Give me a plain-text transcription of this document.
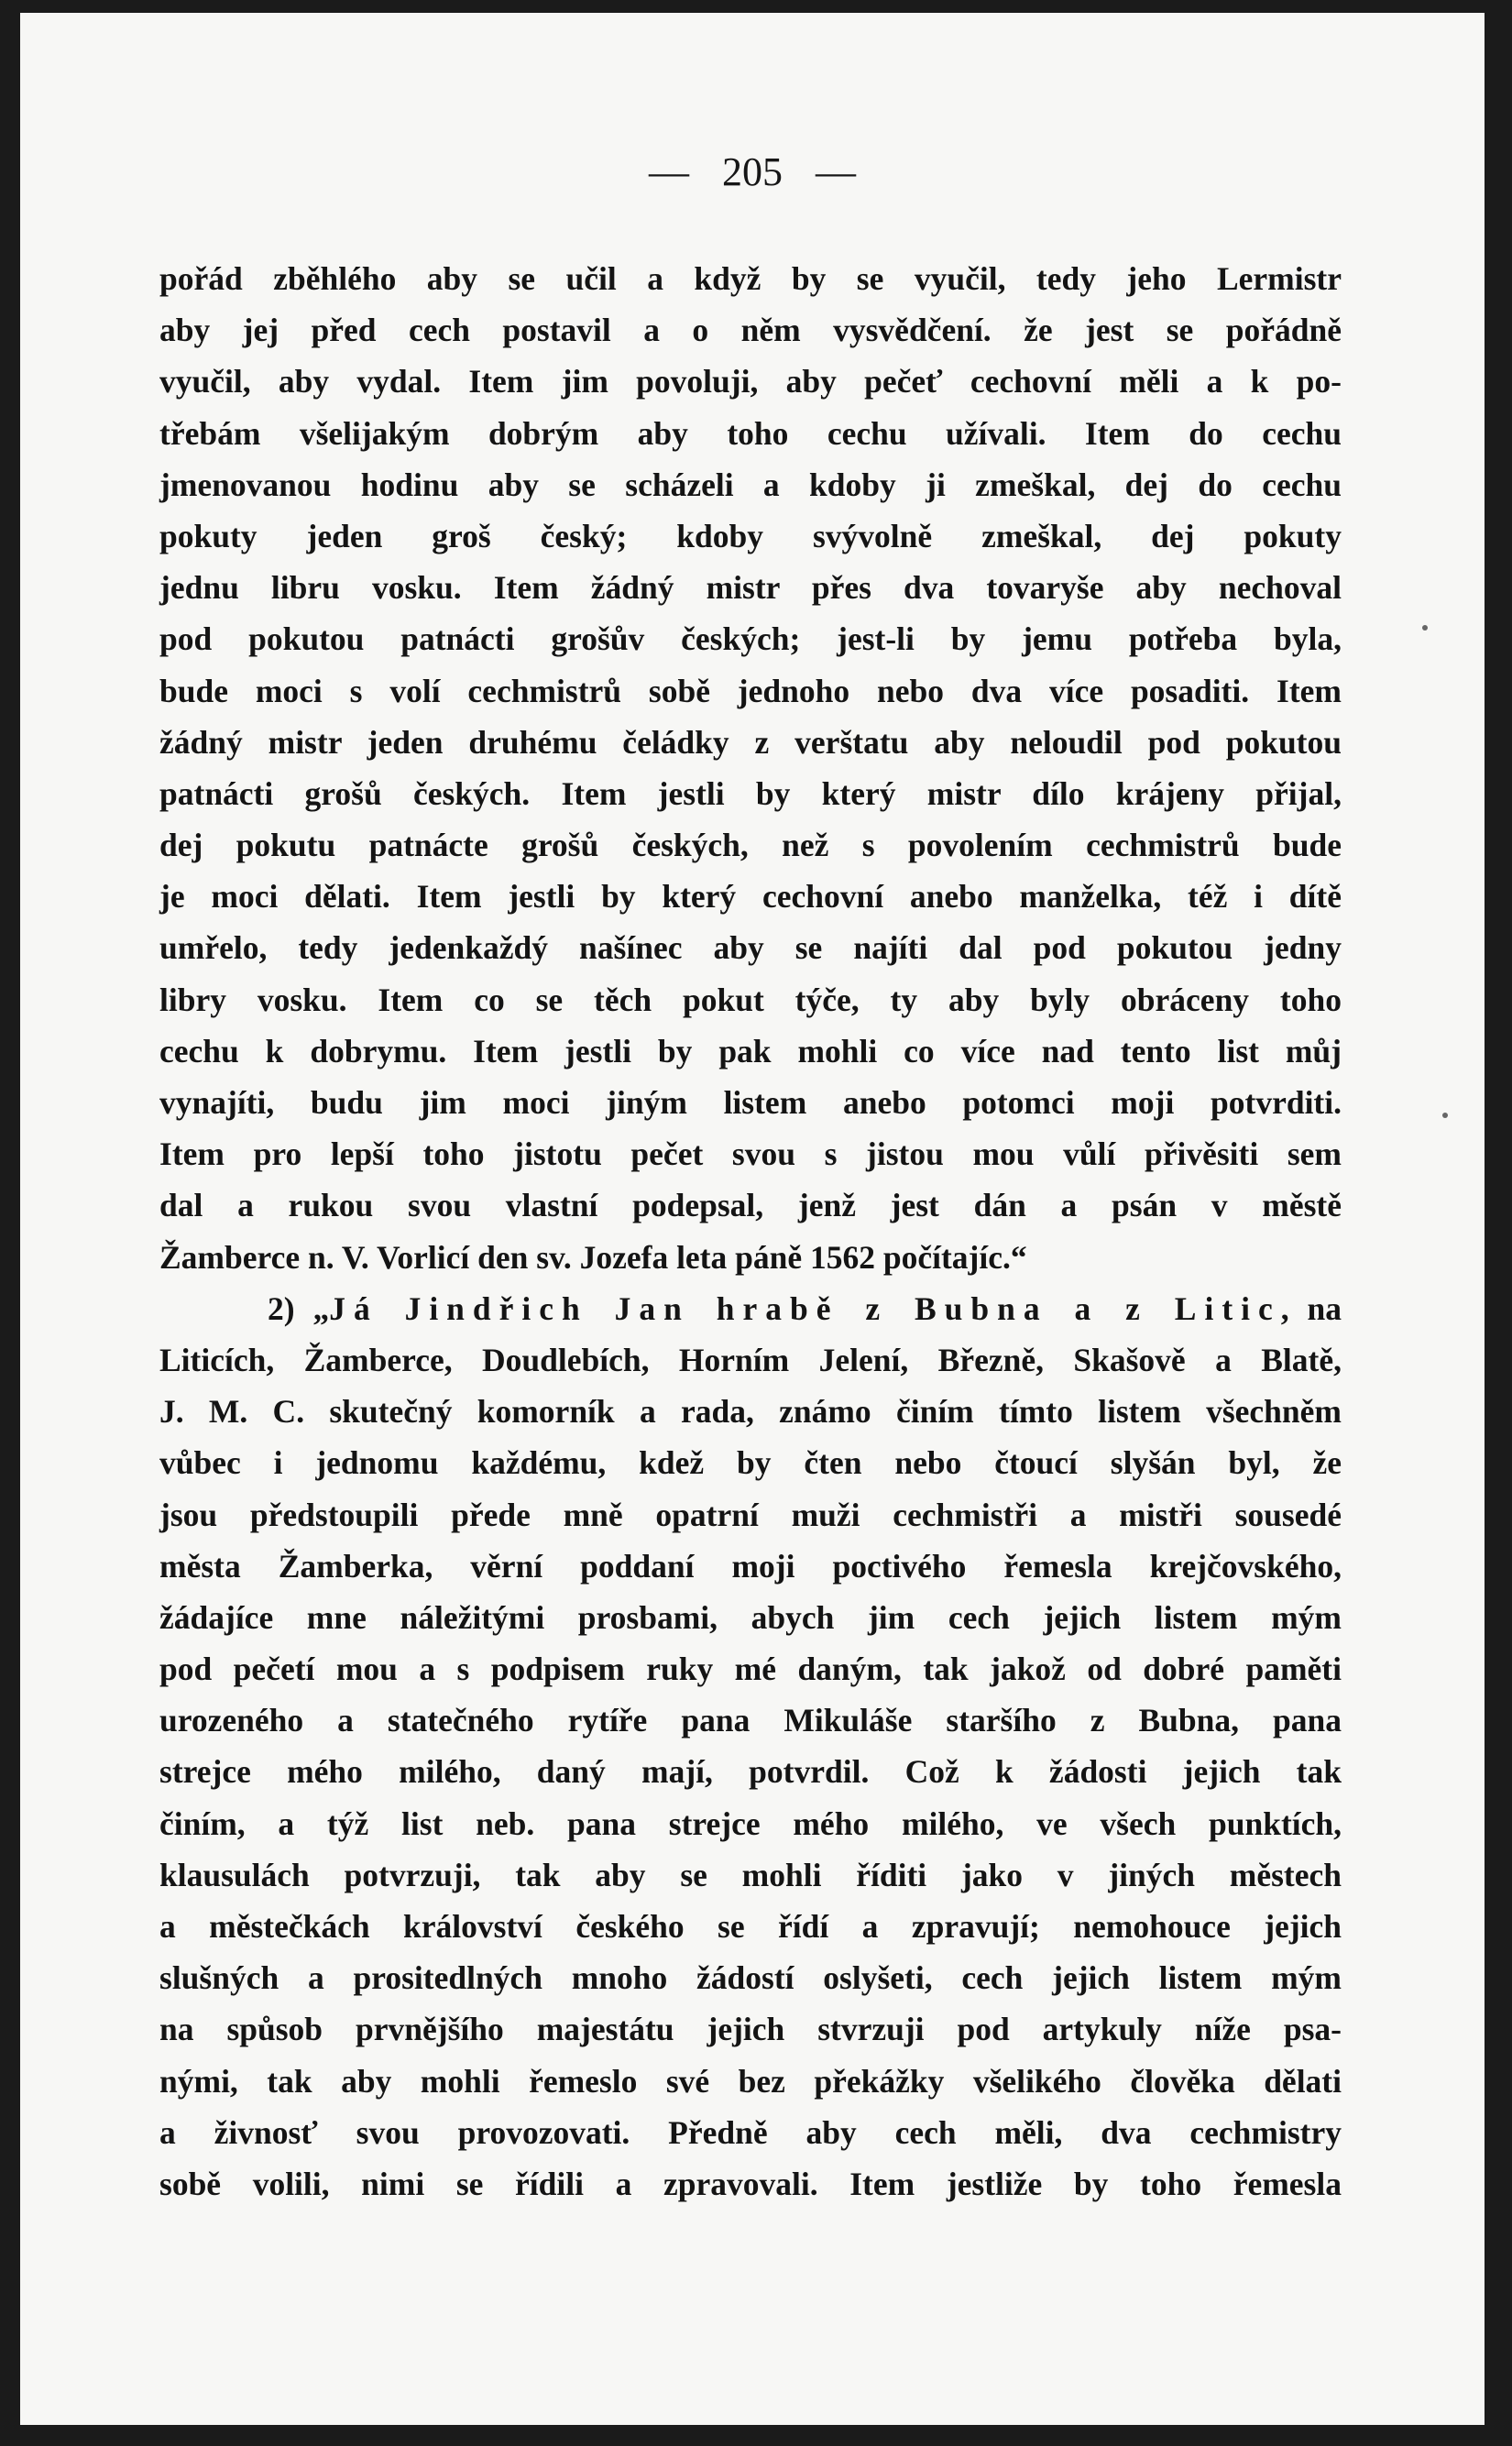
— 205 —
pořád zběhlého aby se učil a když by se vyučil, tedy jeho Lermistr
aby jej před cech postavil a o něm vysvědčení. že jest se pořádně
vyučil, aby vydal. Item jim povoluji, aby pečeť cechovní měli a k po-
třebám všelijakým dobrým aby toho cechu užívali. Item do cechu
jmenovanou hodinu aby se scházeli a kdoby ji zmeškal, dej do cechu
pokuty jeden groš český; kdoby svývolně zmeškal, dej pokuty
jednu libru vosku. Item žádný mistr přes dva tovaryše aby nechoval
pod pokutou patnácti grošův českých; jest-li by jemu potřeba byla,
bude moci s volí cechmistrů sobě jednoho nebo dva více posaditi. Item
žádný mistr jeden druhému čeládky z verštatu aby neloudil pod pokutou
patnácti grošů českých. Item jestli by který mistr dílo krájeny přijal,
dej pokutu patnácte grošů českých, než s povolením cechmistrů bude
je moci dělati. Item jestli by který cechovní anebo manželka, též i dítě
umřelo, tedy jedenkaždý našínec aby se najíti dal pod pokutou jedny
libry vosku. Item co se těch pokut týče, ty aby byly obráceny toho
cechu k dobrymu. Item jestli by pak mohli co více nad tento list můj
vynajíti, budu jim moci jiným listem anebo potomci moji potvrditi.
Item pro lepší toho jistotu pečet svou s jistou mou vůlí přivěsiti sem
dal a rukou svou vlastní podepsal, jenž jest dán a psán v městě
Žamberce n. V. Vorlicí den sv. Jozefa leta páně 1562 počítajíc.“
2) „Já Jindřich Jan hrabě z Bubna a z Litic, na
Liticích, Žamberce, Doudlebích, Horním Jelení, Březně, Skašově a Blatě,
J. M. C. skutečný komorník a rada, známo činím tímto listem všechněm
vůbec i jednomu každému, kdež by čten nebo čtoucí slyšán byl, že
jsou předstoupili přede mně opatrní muži cechmistři a mistři sousedé
města Žamberka, věrní poddaní moji poctivého řemesla krejčovského,
žádajíce mne náležitými prosbami, abych jim cech jejich listem mým
pod pečetí mou a s podpisem ruky mé daným, tak jakož od dobré paměti
urozeného a statečného rytíře pana Mikuláše staršího z Bubna, pana
strejce mého milého, daný mají, potvrdil. Což k žádosti jejich tak
činím, a týž list neb. pana strejce mého milého, ve všech punktích,
klausulách potvrzuji, tak aby se mohli říditi jako v jiných městech
a městečkách království českého se řídí a zpravují; nemohouce jejich
slušných a prositedlných mnoho žádostí oslyšeti, cech jejich listem mým
na spůsob prvnějšího majestátu jejich stvrzuji pod artykuly níže psa-
nými, tak aby mohli řemeslo své bez překážky všelikého člověka dělati
a živnosť svou provozovati. Předně aby cech měli, dva cechmistry
sobě volili, nimi se řídili a zpravovali. Item jestliže by toho řemesla
